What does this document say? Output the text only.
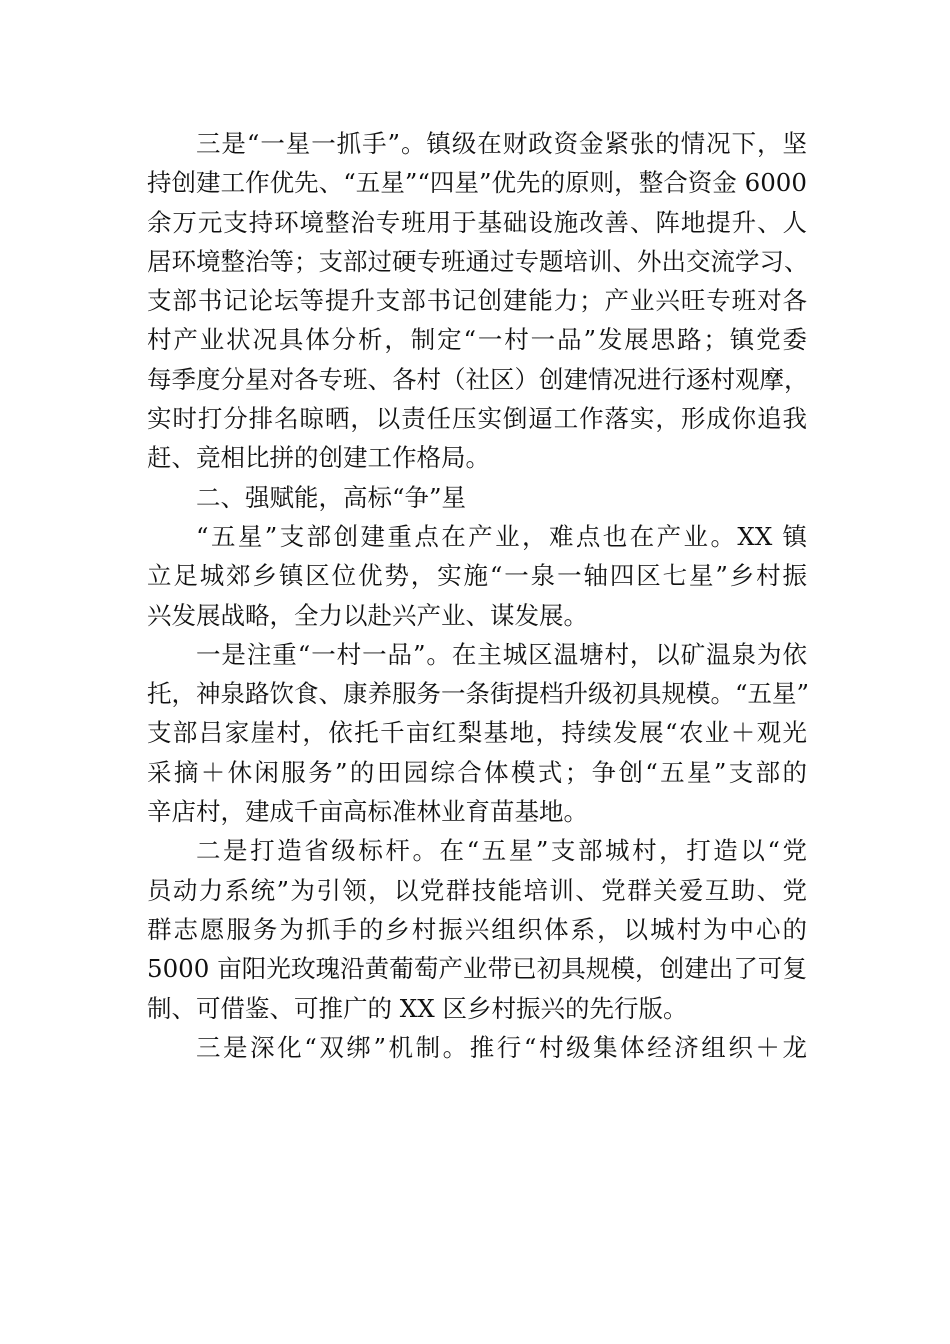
三是“一星一抓手”。镇级在财政资金紧张的情况下，坚
持创建工作优先、“五星”“四星”优先的原则，整合资金 6000
余万元支持环境整治专班用于基础设施改善、阵地提升、人
居环境整治等；支部过硬专班通过专题培训、外出交流学习、
支部书记论坛等提升支部书记创建能力；产业兴旺专班对各
村产业状况具体分析，制定“一村一品”发展思路；镇党委
每季度分星对各专班、各村（社区）创建情况进行逐村观摩，
实时打分排名晾晒，以责任压实倒逼工作落实，形成你追我
赶、竞相比拼的创建工作格局。
二、强赋能，高标“争”星
“五星”支部创建重点在产业，难点也在产业。XX 镇
立足城郊乡镇区位优势，实施“一泉一轴四区七星”乡村振
兴发展战略，全力以赴兴产业、谋发展。
一是注重“一村一品”。在主城区温塘村，以矿温泉为依
托，神泉路饮食、康养服务一条街提档升级初具规模。“五星”
支部吕家崖村，依托千亩红梨基地，持续发展“农业＋观光
采摘＋休闲服务”的田园综合体模式；争创“五星”支部的
辛店村，建成千亩高标准林业育苗基地。
二是打造省级标杆。在“五星”支部城村，打造以“党
员动力系统”为引领，以党群技能培训、党群关爱互助、党
群志愿服务为抓手的乡村振兴组织体系，以城村为中心的
5000 亩阳光玫瑰沿黄葡萄产业带已初具规模，创建出了可复
制、可借鉴、可推广的 XX 区乡村振兴的先行版。
三是深化“双绑”机制。推行“村级集体经济组织＋龙
